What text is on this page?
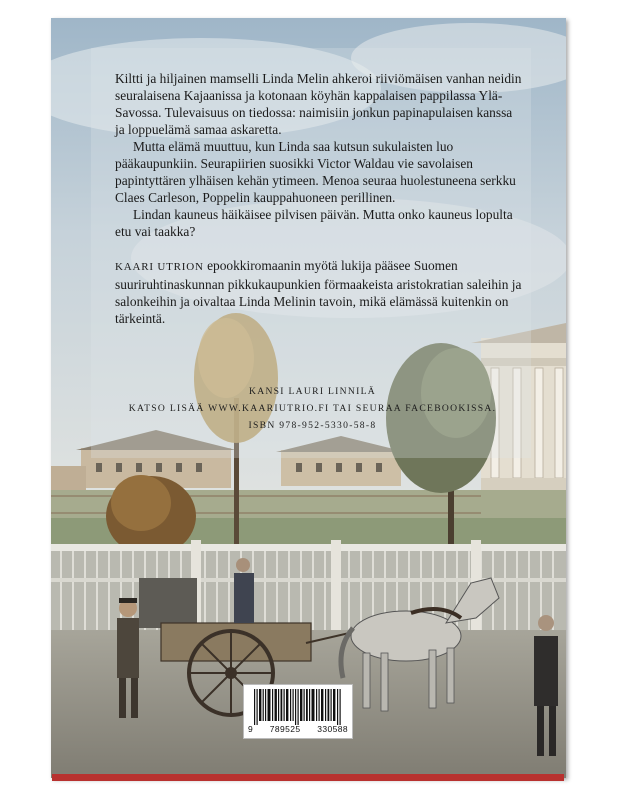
9 789525 330588

Kiltti ja hiljainen mamselli Linda Melin ahkeroi riiviömäisen vanhan neidin seuralaisena Kajaanissa ja kotonaan köyhän kappalaisen pappilassa Ylä-Savossa. Tulevaisuus on tiedossa: naimisiin jonkun papinapulaisen kanssa ja loppuelämä samaa askaretta.

Mutta elämä muuttuu, kun Linda saa kutsun sukulaisten luo pääkaupunkiin. Seurapiirien suosikki Victor Waldau vie savolaisen papintyttären ylhäisen kehän ytimeen. Menoa seuraa huolestuneena serkku Claes Carleson, Poppelin kauppahuoneen perillinen.

Lindan kauneus häikäisee pilvisen päivän. Mutta onko kauneus lopulta etu vai taakka?

KAARI UTRION epookkiromaanin myötä lukija pääsee Suomen suuriruhtinaskunnan pikkukaupunkien förmaakeista aristokratian saleihin ja salonkeihin ja oivaltaa Linda Melinin tavoin, mikä elämässä kuitenkin on tärkeintä.

KANSI LAURI LINNILÄ
KATSO LISÄÄ WWW.KAARIUTRIO.FI TAI SEURAA FACEBOOKISSA.
ISBN 978-952-5330-58-8
